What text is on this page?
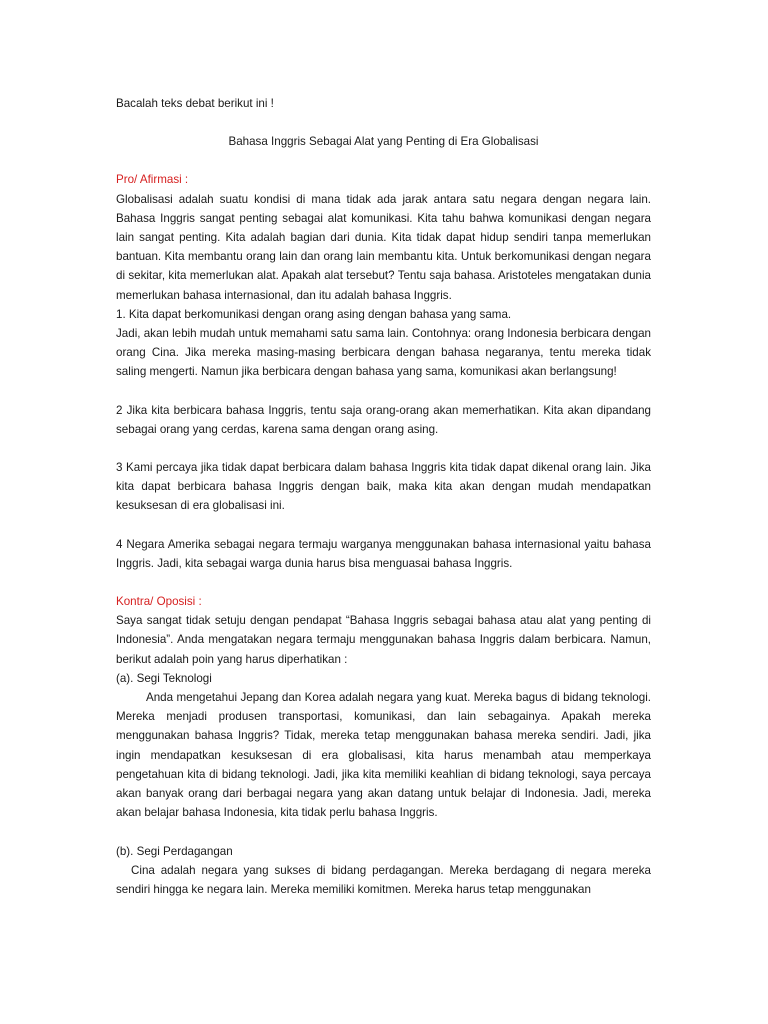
Bacalah teks debat berikut ini !

Bahasa Inggris Sebagai Alat yang Penting di Era Globalisasi

Pro/ Afirmasi :

Globalisasi adalah suatu kondisi di mana tidak ada jarak antara satu negara dengan negara lain. Bahasa Inggris sangat penting sebagai alat komunikasi. Kita tahu bahwa komunikasi dengan negara lain sangat penting. Kita adalah bagian dari dunia. Kita tidak dapat hidup sendiri tanpa memerlukan bantuan. Kita membantu orang lain dan orang lain membantu kita. Untuk berkomunikasi dengan negara di sekitar, kita memerlukan alat. Apakah alat tersebut? Tentu saja bahasa. Aristoteles mengatakan dunia memerlukan bahasa internasional, dan itu adalah bahasa Inggris.

1. Kita dapat berkomunikasi dengan orang asing dengan bahasa yang sama.

Jadi, akan lebih mudah untuk memahami satu sama lain. Contohnya: orang Indonesia berbicara dengan orang Cina. Jika mereka masing-masing berbicara dengan bahasa negaranya, tentu mereka tidak saling mengerti. Namun jika berbicara dengan bahasa yang sama, komunikasi akan berlangsung!

2 Jika kita berbicara bahasa Inggris, tentu saja orang-orang akan memerhatikan. Kita akan dipandang sebagai orang yang cerdas, karena sama dengan orang asing.

3 Kami percaya jika tidak dapat berbicara dalam bahasa Inggris kita tidak dapat dikenal orang lain. Jika kita dapat berbicara bahasa Inggris dengan baik, maka kita akan dengan mudah mendapatkan kesuksesan di era globalisasi ini.

4 Negara Amerika sebagai negara termaju warganya menggunakan bahasa internasional yaitu bahasa Inggris. Jadi, kita sebagai warga dunia harus bisa menguasai bahasa Inggris.

Kontra/ Oposisi :

Saya sangat tidak setuju dengan pendapat “Bahasa Inggris sebagai bahasa atau alat yang penting di Indonesia”. Anda mengatakan negara termaju menggunakan bahasa Inggris dalam berbicara. Namun, berikut adalah poin yang harus diperhatikan :

(a). Segi Teknologi

Anda mengetahui Jepang dan Korea adalah negara yang kuat. Mereka bagus di bidang teknologi. Mereka menjadi produsen transportasi, komunikasi, dan lain sebagainya. Apakah mereka menggunakan bahasa Inggris? Tidak, mereka tetap menggunakan bahasa mereka sendiri. Jadi, jika ingin mendapatkan kesuksesan di era globalisasi, kita harus menambah atau memperkaya pengetahuan kita di bidang teknologi. Jadi, jika kita memiliki keahlian di bidang teknologi, saya percaya akan banyak orang dari berbagai negara yang akan datang untuk belajar di Indonesia. Jadi, mereka akan belajar bahasa Indonesia, kita tidak perlu bahasa Inggris.

(b). Segi Perdagangan

Cina adalah negara yang sukses di bidang perdagangan. Mereka berdagang di negara mereka sendiri hingga ke negara lain. Mereka memiliki komitmen. Mereka harus tetap menggunakan
